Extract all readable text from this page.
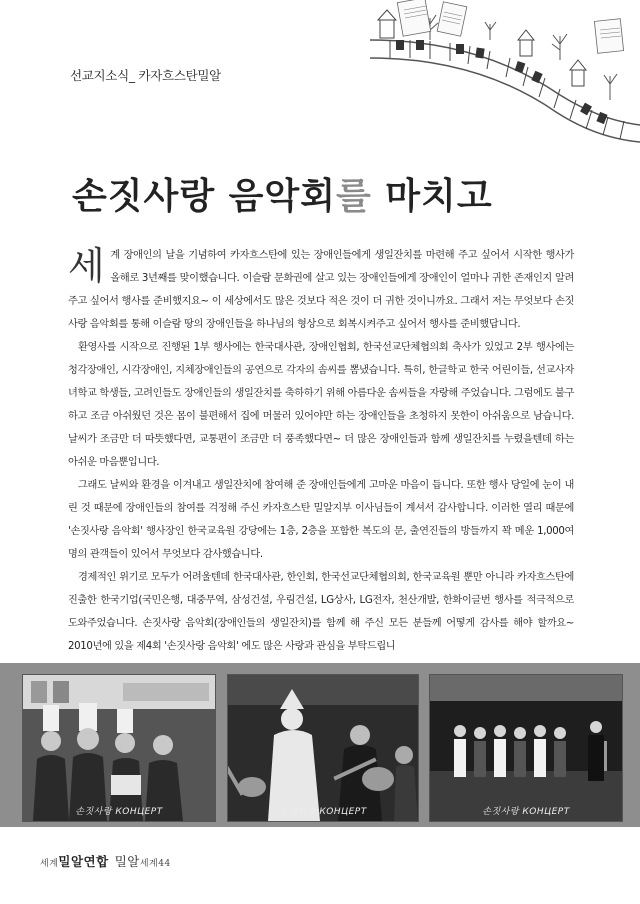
선교지소식_ 카자흐스탄밀알
손짓사랑 음악회를 마치고

세계 장애인의 날을 기념하여 카자흐스탄에 있는 장애인들에게 생일잔치를 마련해 주고 싶어서 시작한 행사가 올해로 3년째를 맞이했습니다. 이슬람 문화권에 살고 있는 장애인들에게 장애인이 얼마나 귀한 존재인지 알려 주고 싶어서 행사를 준비했지요~ 이 세상에서도 많은 것보다 적은 것이 더 귀한 것이니까요. 그래서 저는 무엇보다 손짓사랑 음악회를 통해 이슬람 땅의 장애인들을 하나님의 형상으로 회복시켜주고 싶어서 행사를 준비했답니다.

환영사를 시작으로 진행된 1부 행사에는 한국대사관, 장애인협회, 한국선교단체협의회 축사가 있었고 2부 행사에는 청각장애인, 시각장애인, 지체장애인들의 공연으로 각자의 솜씨를 뽐냈습니다. 특히, 한글학교 한국 어린이들, 선교사자녀학교 학생들, 고려인들도 장애인들의 생일잔치를 축하하기 위해 아름다운 솜씨들을 자랑해 주었습니다. 그럼에도 불구하고 조금 아쉬웠던 것은 몸이 불편해서 집에 머물러 있어야만 하는 장애인들을 초청하지 못한이 아쉬움으로 남습니다. 날씨가 조금만 더 따뜻했다면, 교통편이 조금만 더 풍족했다면~ 더 많은 장애인들과 함께 생일잔치를 누렸을텐데 하는 아쉬운 마음뿐입니다.

그래도 날씨와 환경을 이겨내고 생일잔치에 참여해 준 장애인들에게 고마운 마음이 듭니다. 또한 행사 당일에 눈이 내린 것 때문에 장애인들의 참여를 걱정해 주신 카자흐스탄 밀알지부 이사님들이 계셔서 감사합니다. 이러한 열리 때문에 '손짓사랑 음악회' 행사장인 한국교육원 강당에는 1층, 2층을 포함한 복도의 문, 출연진들의 방들까지 꽉 메운 1,000여명의 관객들이 있어서 무엇보다 감사했습니다.

경제적인 위기로 모두가 어려울텐데 한국대사관, 한인회, 한국선교단체협의회, 한국교육원 뿐만 아니라 카자흐스탄에 진출한 한국기업(국민은행, 대중무역, 삼성건설, 우림건설, LG상사, LG전자, 천산개발, 한화이글번 행사를 적극적으로 도와주었습니다. 손짓사랑 음악회(장애인들의 생일잔치)를 함께 해 주신 모든 분들께 어떻게 감사를 해야 할까요~ 2010년에 있을 제4회 '손짓사랑 음악회' 에도 많은 사랑과 관심을 부탁드립니

손짓사랑 КОНЦЕРТ	손짓사랑 КОНЦЕРТ	손짓사랑 КОНЦЕРТ
세계밀알연합 밀알세계44
